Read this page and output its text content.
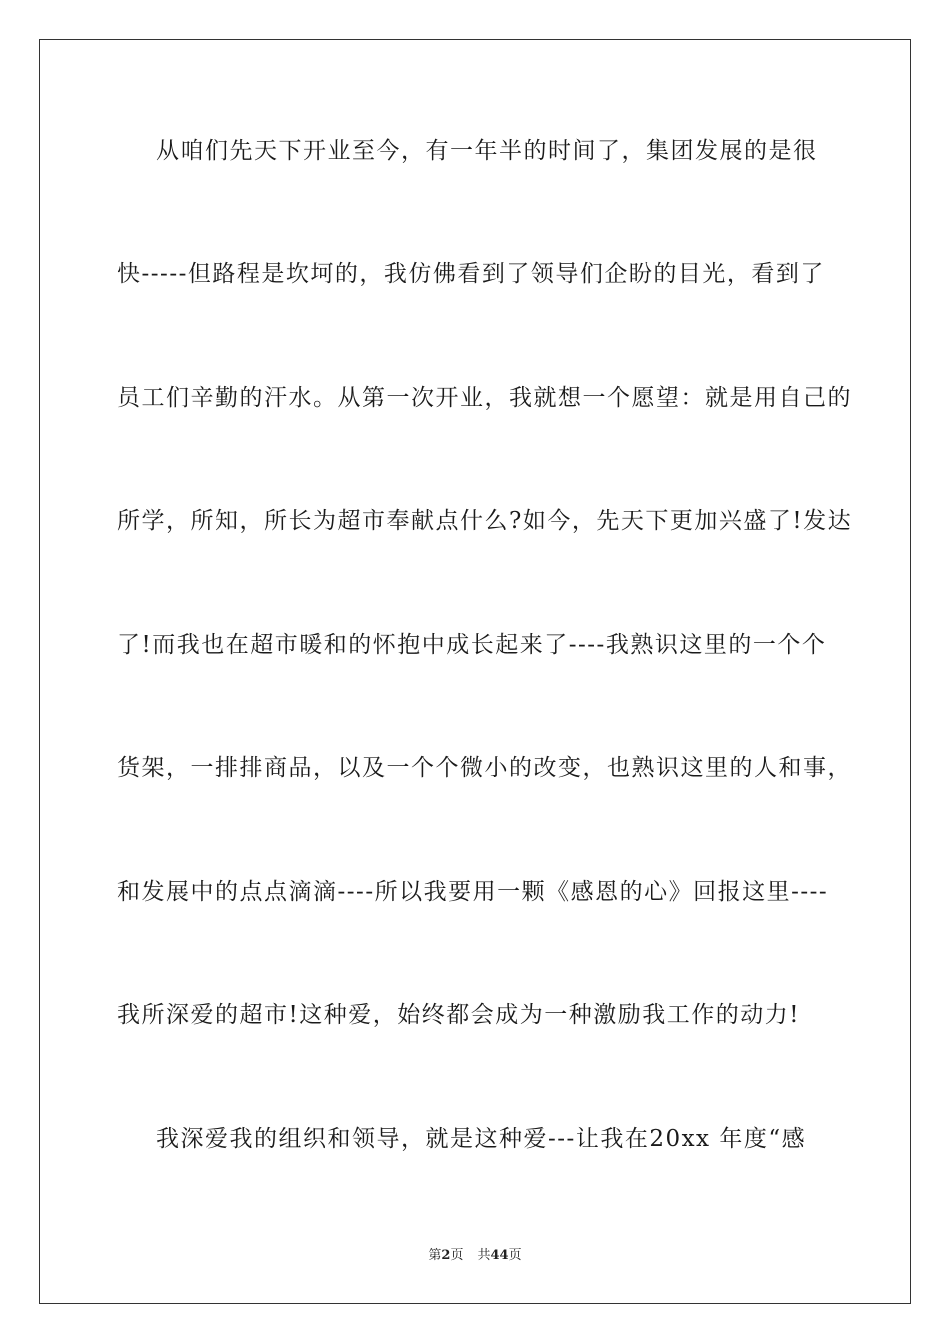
从咱们先天下开业至今，有一年半的时间了，集团发展的是很
快-----但路程是坎坷的，我仿佛看到了领导们企盼的目光，看到了
员工们辛勤的汗水。从第一次开业，我就想一个愿望：就是用自己的
所学，所知，所长为超市奉献点什么?如今，先天下更加兴盛了!发达
了!而我也在超市暖和的怀抱中成长起来了----我熟识这里的一个个
货架，一排排商品，以及一个个微小的改变，也熟识这里的人和事，
和发展中的点点滴滴----所以我要用一颗《感恩的心》回报这里----
我所深爱的超市!这种爱，始终都会成为一种激励我工作的动力!
我深爱我的组织和领导，就是这种爱---让我在20xx 年度“感
第2页 共44页
